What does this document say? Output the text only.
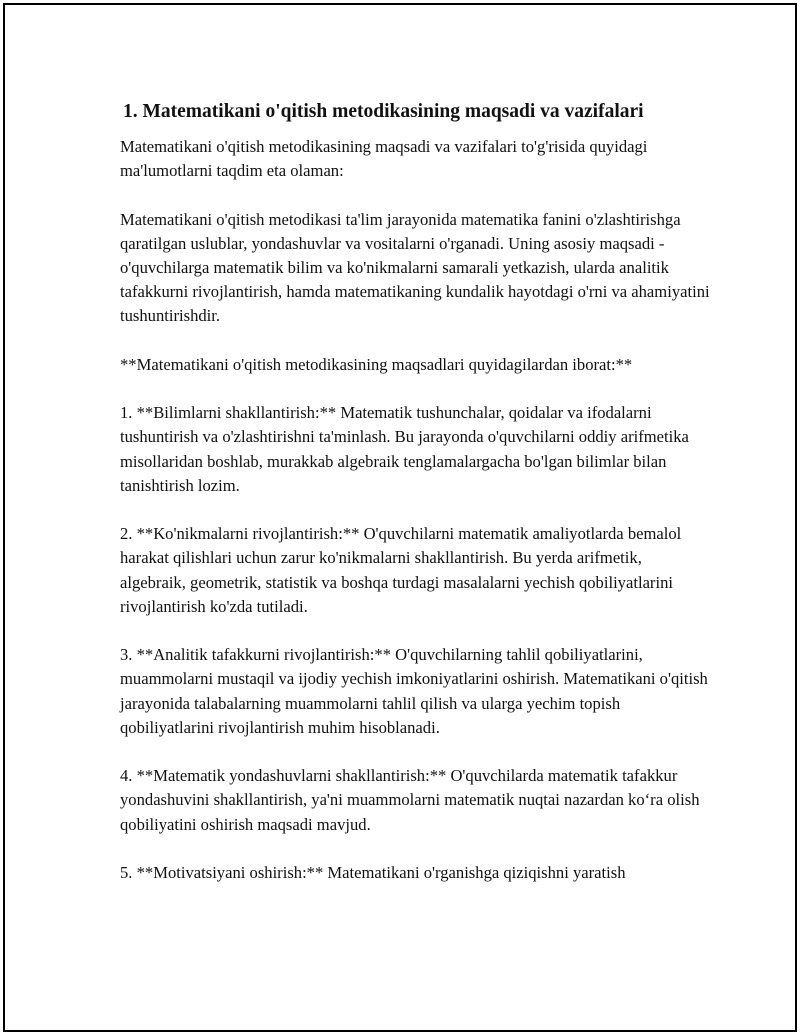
1. Matematikani o'qitish metodikasining maqsadi va vazifalari

Matematikani o'qitish metodikasining maqsadi va vazifalari to'g'risida quyidagi ma'lumotlarni taqdim eta olaman:

Matematikani o'qitish metodikasi ta'lim jarayonida matematika fanini o'zlashtirishga qaratilgan uslublar, yondashuvlar va vositalarni o'rganadi. Uning asosiy maqsadi - o'quvchilarga matematik bilim va ko'nikmalarni samarali yetkazish, ularda analitik tafakkurni rivojlantirish, hamda matematikaning kundalik hayotdagi o'rni va ahamiyatini tushuntirishdir.

**Matematikani o'qitish metodikasining maqsadlari quyidagilardan iborat:**

1. **Bilimlarni shakllantirish:** Matematik tushunchalar, qoidalar va ifodalarni tushuntirish va o'zlashtirishni ta'minlash. Bu jarayonda o'quvchilarni oddiy arifmetika misollaridan boshlab, murakkab algebraik tenglamalargacha bo'lgan bilimlar bilan tanishtirish lozim.

2. **Ko'nikmalarni rivojlantirish:** O'quvchilarni matematik amaliyotlarda bemalol harakat qilishlari uchun zarur ko'nikmalarni shakllantirish. Bu yerda arifmetik, algebraik, geometrik, statistik va boshqa turdagi masalalarni yechish qobiliyatlarini rivojlantirish ko'zda tutiladi.

3. **Analitik tafakkurni rivojlantirish:** O'quvchilarning tahlil qobiliyatlarini, muammolarni mustaqil va ijodiy yechish imkoniyatlarini oshirish. Matematikani o'qitish jarayonida talabalarning muammolarni tahlil qilish va ularga yechim topish qobiliyatlarini rivojlantirish muhim hisoblanadi.

4. **Matematik yondashuvlarni shakllantirish:** O'quvchilarda matematik tafakkur yondashuvini shakllantirish, ya'ni muammolarni matematik nuqtai nazardan ko‘ra olish qobiliyatini oshirish maqsadi mavjud.

5. **Motivatsiyani oshirish:** Matematikani o'rganishga qiziqishni yaratish
